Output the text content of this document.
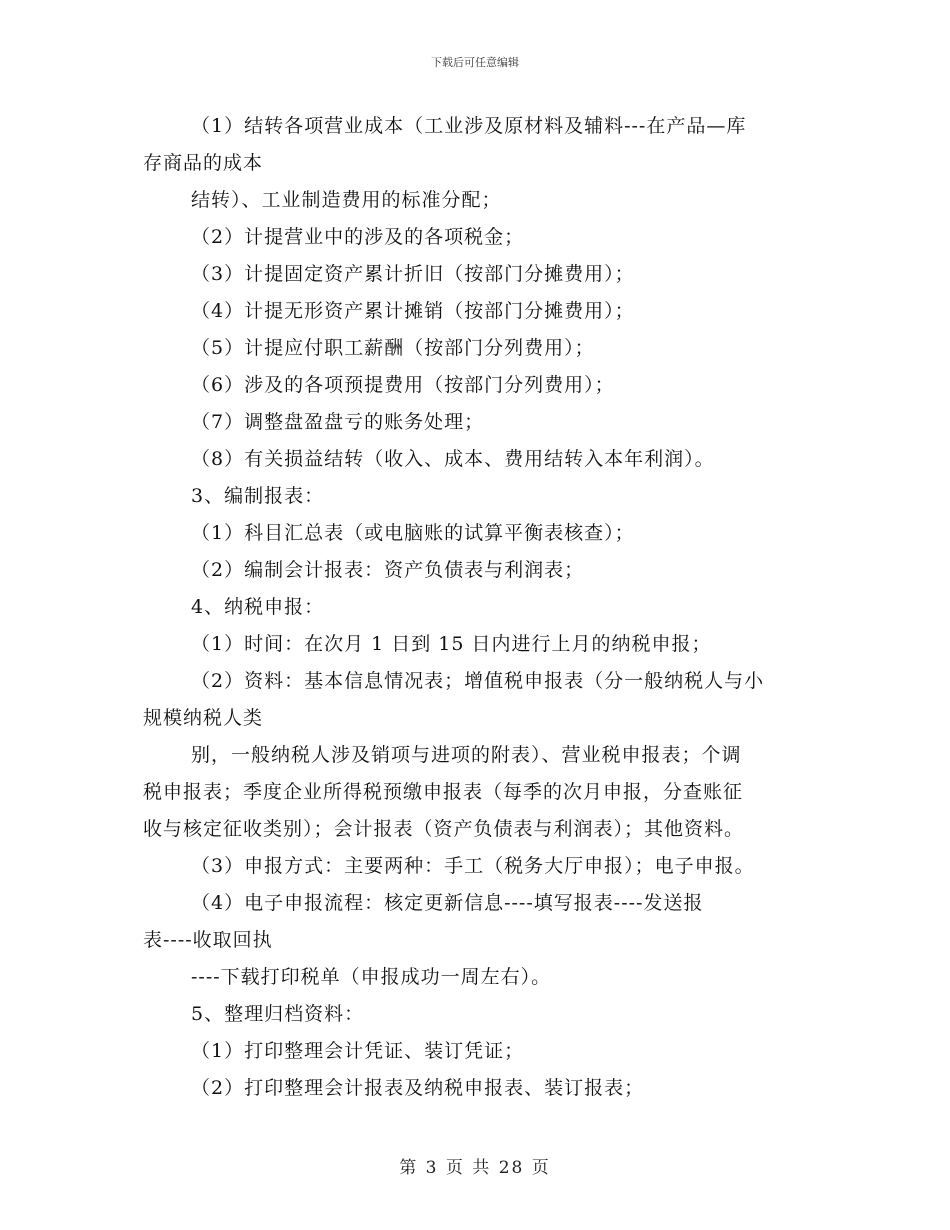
下载后可任意编辑
（1）结转各项营业成本（工业涉及原材料及辅料---在产品—库
存商品的成本
结转）、工业制造费用的标准分配；
（2）计提营业中的涉及的各项税金；
（3）计提固定资产累计折旧（按部门分摊费用）；
（4）计提无形资产累计摊销（按部门分摊费用）；
（5）计提应付职工薪酬（按部门分列费用）；
（6）涉及的各项预提费用（按部门分列费用）；
（7）调整盘盈盘亏的账务处理；
（8）有关损益结转（收入、成本、费用结转入本年利润）。
3、编制报表：
（1）科目汇总表（或电脑账的试算平衡表核查）；
（2）编制会计报表：资产负债表与利润表；
4、纳税申报：
（1）时间：在次月 1 日到 15 日内进行上月的纳税申报；
（2）资料：基本信息情况表；增值税申报表（分一般纳税人与小
规模纳税人类
别，一般纳税人涉及销项与进项的附表）、营业税申报表；个调
税申报表；季度企业所得税预缴申报表（每季的次月申报，分查账征
收与核定征收类别）；会计报表（资产负债表与利润表）；其他资料。
（3）申报方式：主要两种：手工（税务大厅申报）；电子申报。
（4）电子申报流程：核定更新信息----填写报表----发送报
表----收取回执
----下载打印税单（申报成功一周左右）。
5、整理归档资料：
（1）打印整理会计凭证、装订凭证；
（2）打印整理会计报表及纳税申报表、装订报表；
第 3 页 共 28 页
